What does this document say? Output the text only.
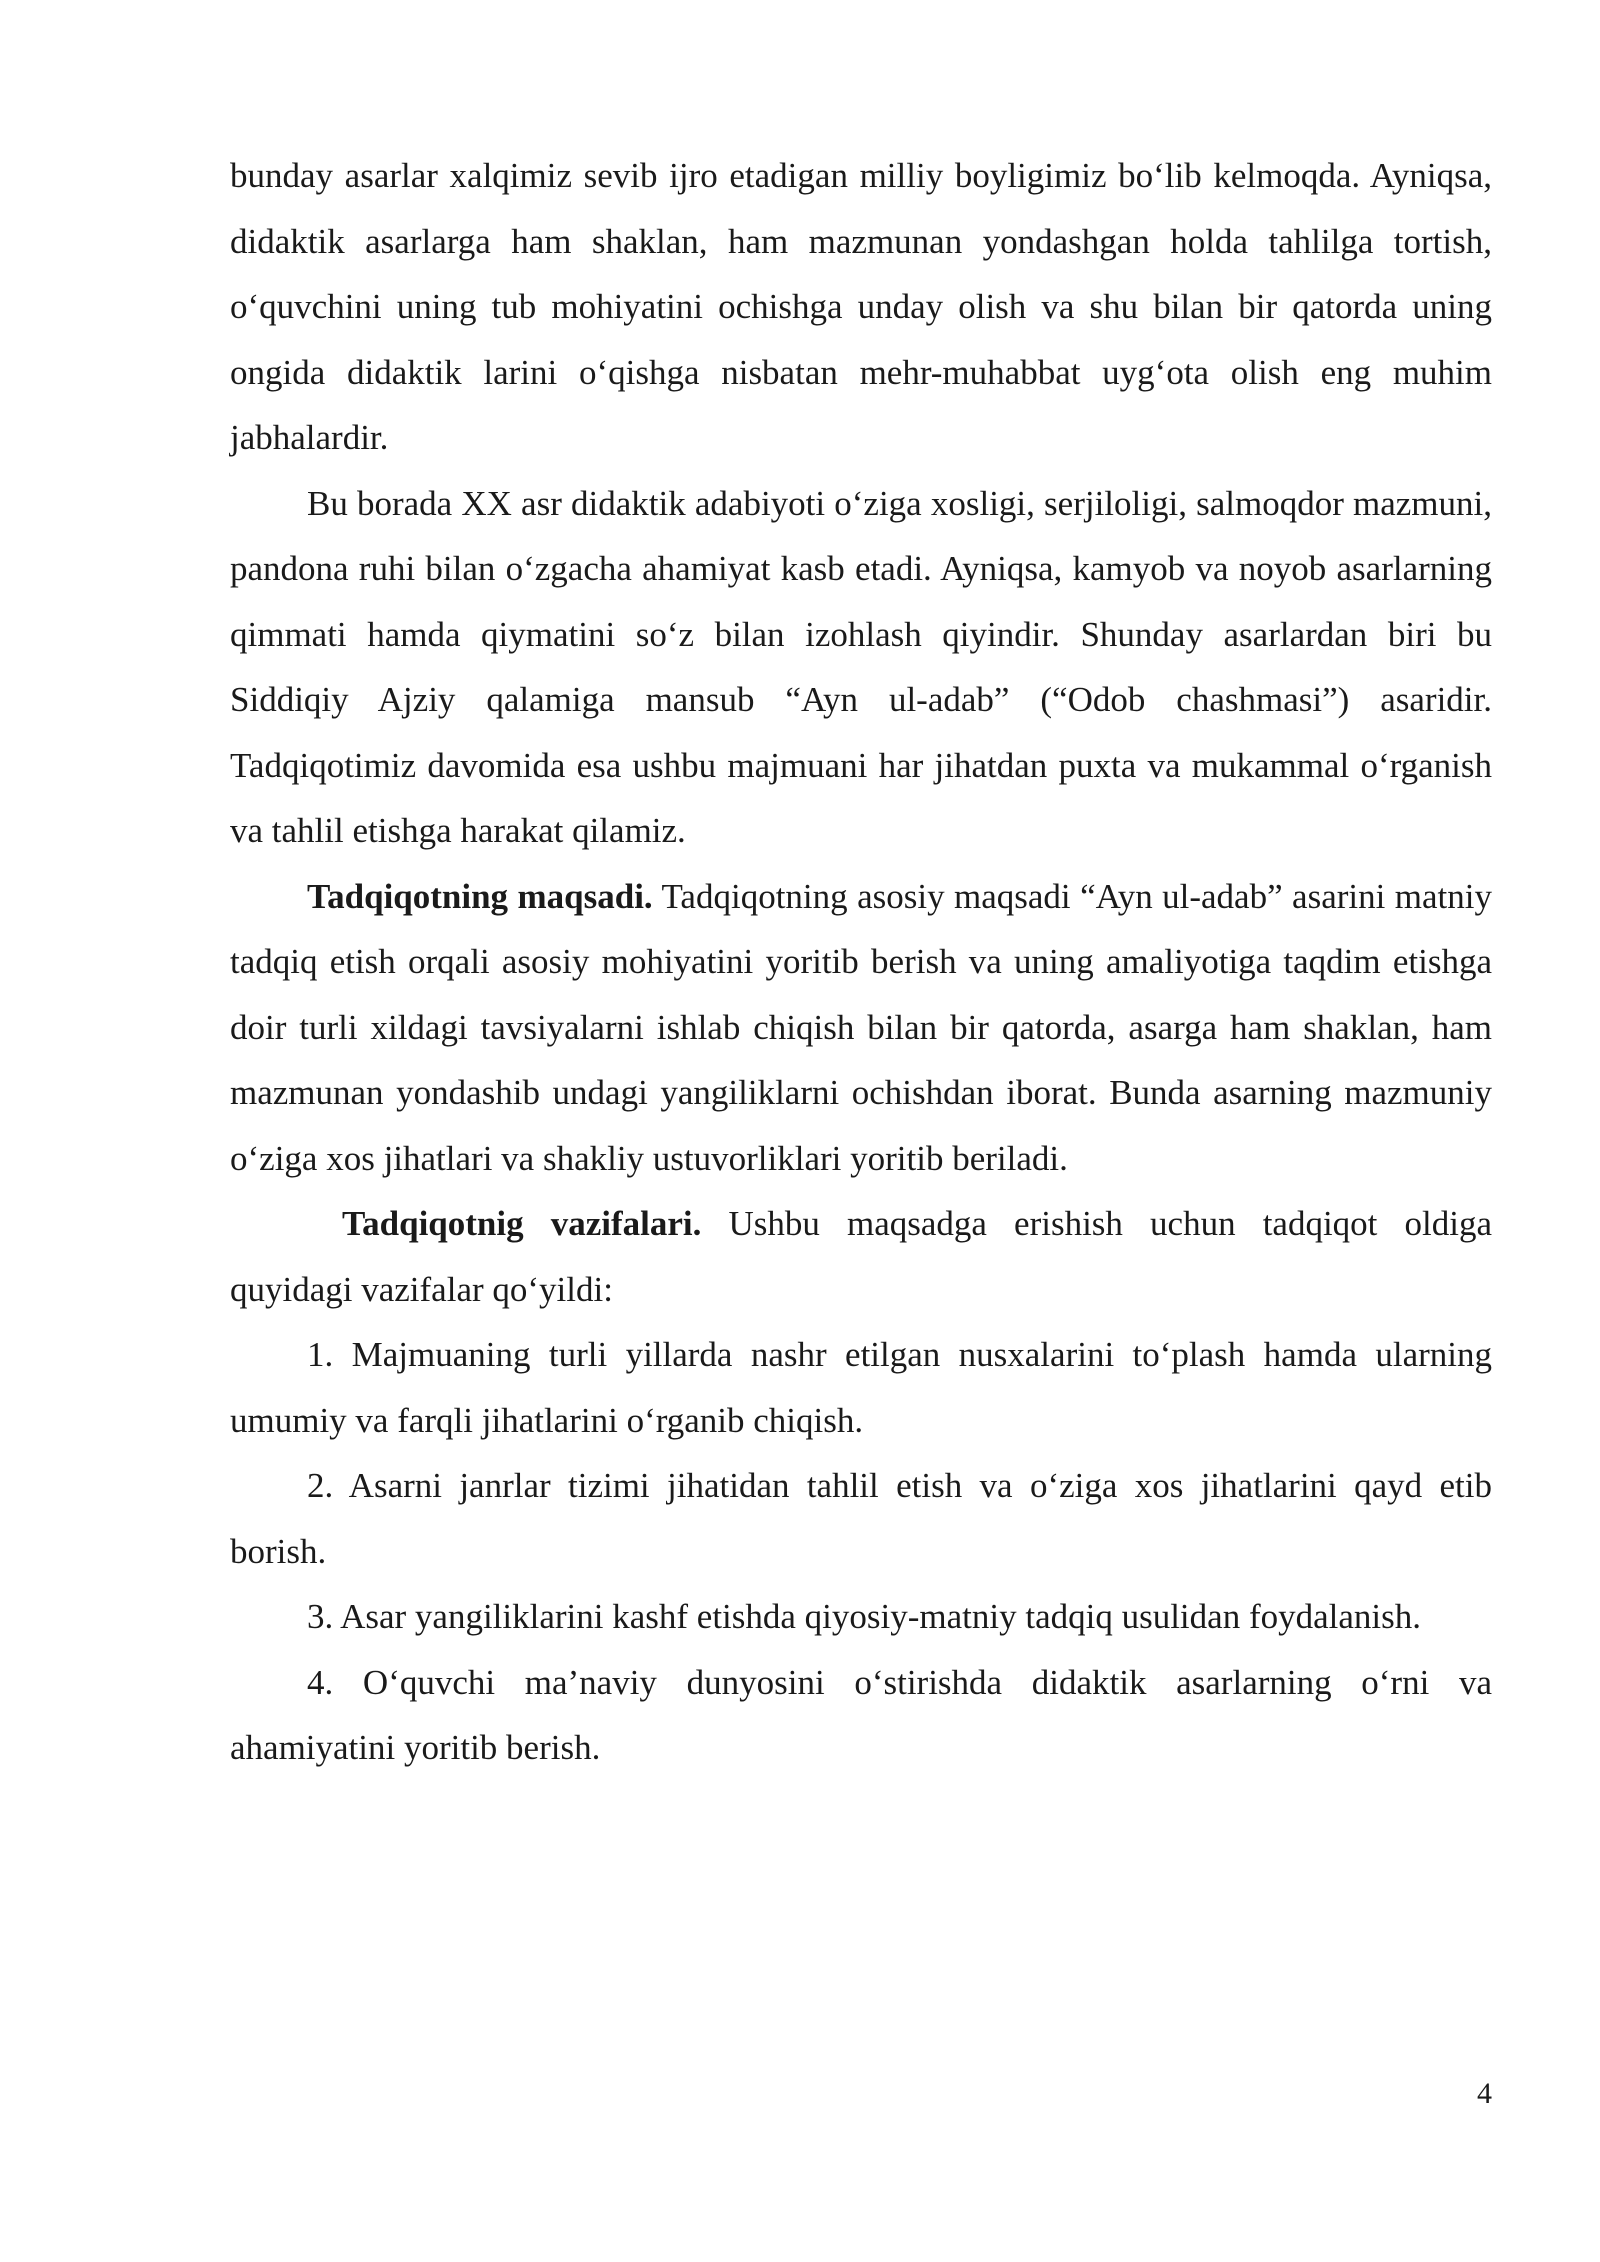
bunday asarlar xalqimiz sevib ijro etadigan milliy boyligimiz boʻlib kelmoqda. Ayniqsa, didaktik asarlarga ham shaklan, ham mazmunan yondashgan holda tahlilga tortish, oʻquvchini uning tub mohiyatini ochishga unday olish va shu bilan bir qatorda uning ongida didaktik larini oʻqishga nisbatan mehr-muhabbat uygʻota olish eng muhim jabhalardir.

Bu borada XX asr didaktik adabiyoti oʻziga xosligi, serjiloligi, salmoqdor mazmuni, pandona ruhi bilan oʻzgacha ahamiyat kasb etadi. Ayniqsa, kamyob va noyob asarlarning qimmati hamda qiymatini soʻz bilan izohlash qiyindir. Shunday asarlardan biri bu Siddiqiy Ajziy qalamiga mansub “Ayn ul-adab” (“Odob chashmasi”) asaridir. Tadqiqotimiz davomida esa ushbu majmuani har jihatdan puxta va mukammal oʻrganish va tahlil etishga harakat qilamiz.

Tadqiqotning maqsadi. Tadqiqotning asosiy maqsadi “Ayn ul-adab” asarini matniy tadqiq etish orqali asosiy mohiyatini yoritib berish va uning amaliyotiga taqdim etishga doir turli xildagi tavsiyalarni ishlab chiqish bilan bir qatorda, asarga ham shaklan, ham mazmunan yondashib undagi yangiliklarni ochishdan iborat. Bunda asarning mazmuniy oʻziga xos jihatlari va shakliy ustuvorliklari yoritib beriladi.

Tadqiqotnig vazifalari. Ushbu maqsadga erishish uchun tadqiqot oldiga quyidagi vazifalar qoʻyildi:

1. Majmuaning turli yillarda nashr etilgan nusxalarini toʻplash hamda ularning umumiy va farqli jihatlarini oʻrganib chiqish.

2. Asarni janrlar tizimi jihatidan tahlil etish va oʻziga xos jihatlarini qayd etib borish.

3. Asar yangiliklarini kashf etishda qiyosiy-matniy tadqiq usulidan foydalanish.

4. Oʻquvchi ma’naviy dunyosini oʻstirishda didaktik asarlarning oʻrni va ahamiyatini yoritib berish.

4
